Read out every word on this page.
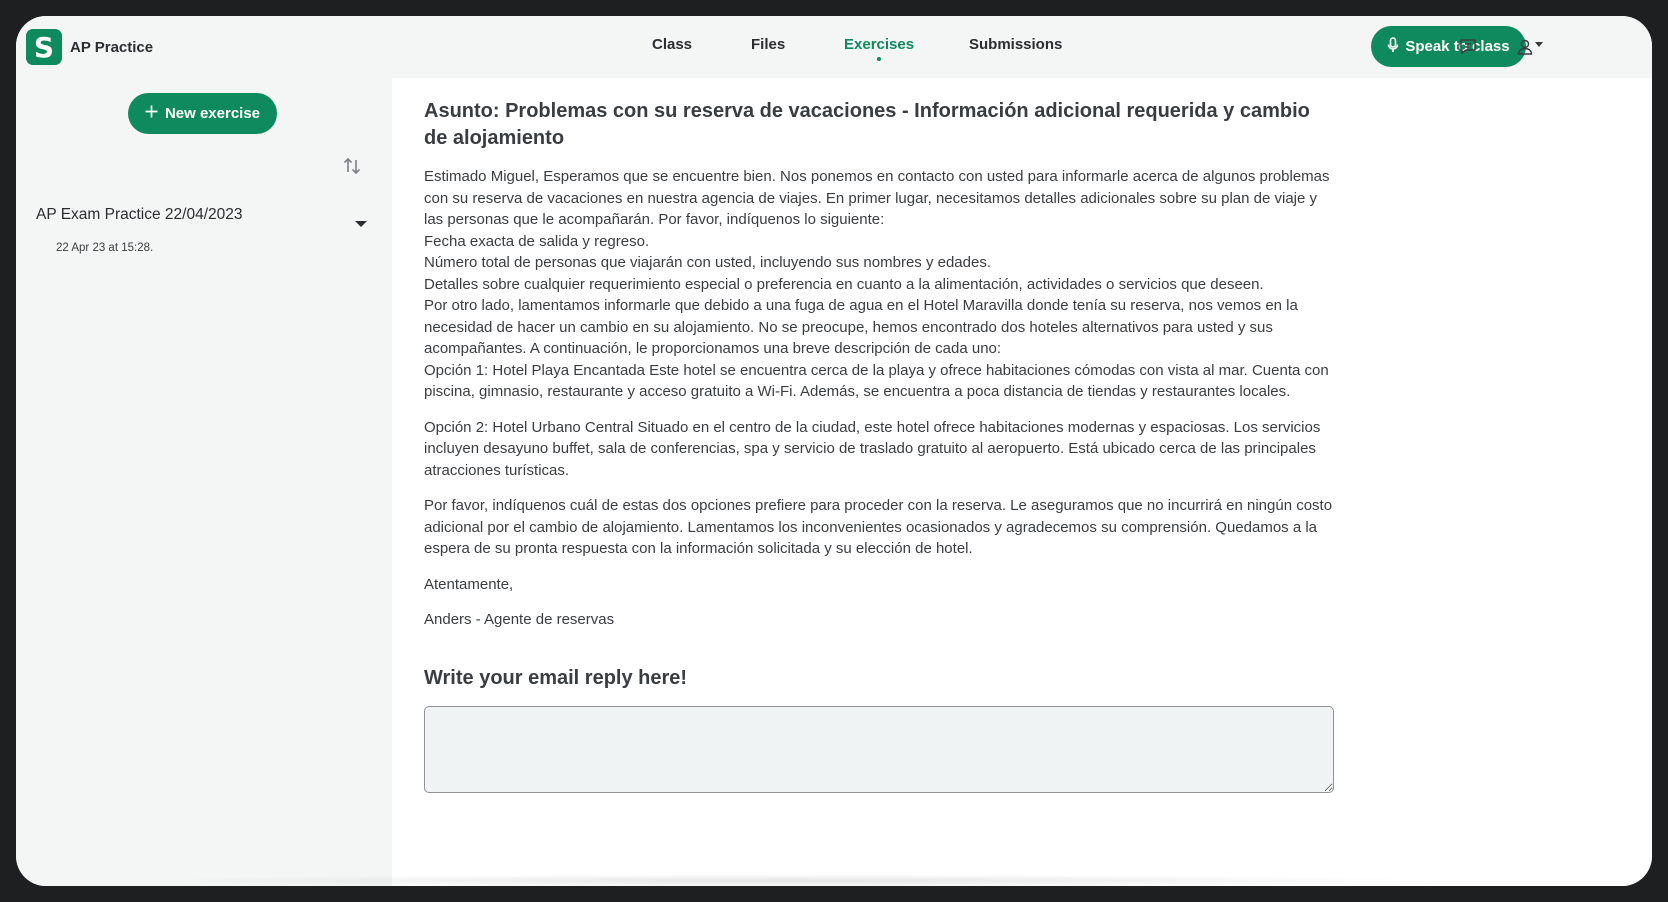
S	AP Practice	Class	Files	Exercises	Submissions	Speak to class
New exercise
AP Exam Practice 22/04/2023
22 Apr 23 at 15:28.
Asunto: Problemas con su reserva de vacaciones - Información adicional requerida y cambio de alojamiento

Estimado Miguel, Esperamos que se encuentre bien. Nos ponemos en contacto con usted para informarle acerca de algunos problemas con su reserva de vacaciones en nuestra agencia de viajes. En primer lugar, necesitamos detalles adicionales sobre su plan de viaje y las personas que le acompañarán. Por favor, indíquenos lo siguiente:

Fecha exacta de salida y regreso.

Número total de personas que viajarán con usted, incluyendo sus nombres y edades.

Detalles sobre cualquier requerimiento especial o preferencia en cuanto a la alimentación, actividades o servicios que deseen.

Por otro lado, lamentamos informarle que debido a una fuga de agua en el Hotel Maravilla donde tenía su reserva, nos vemos en la necesidad de hacer un cambio en su alojamiento. No se preocupe, hemos encontrado dos hoteles alternativos para usted y sus acompañantes. A continuación, le proporcionamos una breve descripción de cada uno:

Opción 1: Hotel Playa Encantada Este hotel se encuentra cerca de la playa y ofrece habitaciones cómodas con vista al mar. Cuenta con piscina, gimnasio, restaurante y acceso gratuito a Wi-Fi. Además, se encuentra a poca distancia de tiendas y restaurantes locales.

Opción 2: Hotel Urbano Central Situado en el centro de la ciudad, este hotel ofrece habitaciones modernas y espaciosas. Los servicios incluyen desayuno buffet, sala de conferencias, spa y servicio de traslado gratuito al aeropuerto. Está ubicado cerca de las principales atracciones turísticas.

Por favor, indíquenos cuál de estas dos opciones prefiere para proceder con la reserva. Le aseguramos que no incurrirá en ningún costo adicional por el cambio de alojamiento. Lamentamos los inconvenientes ocasionados y agradecemos su comprensión. Quedamos a la espera de su pronta respuesta con la información solicitada y su elección de hotel.

Atentamente,

Anders - Agente de reservas

Write your email reply here!
